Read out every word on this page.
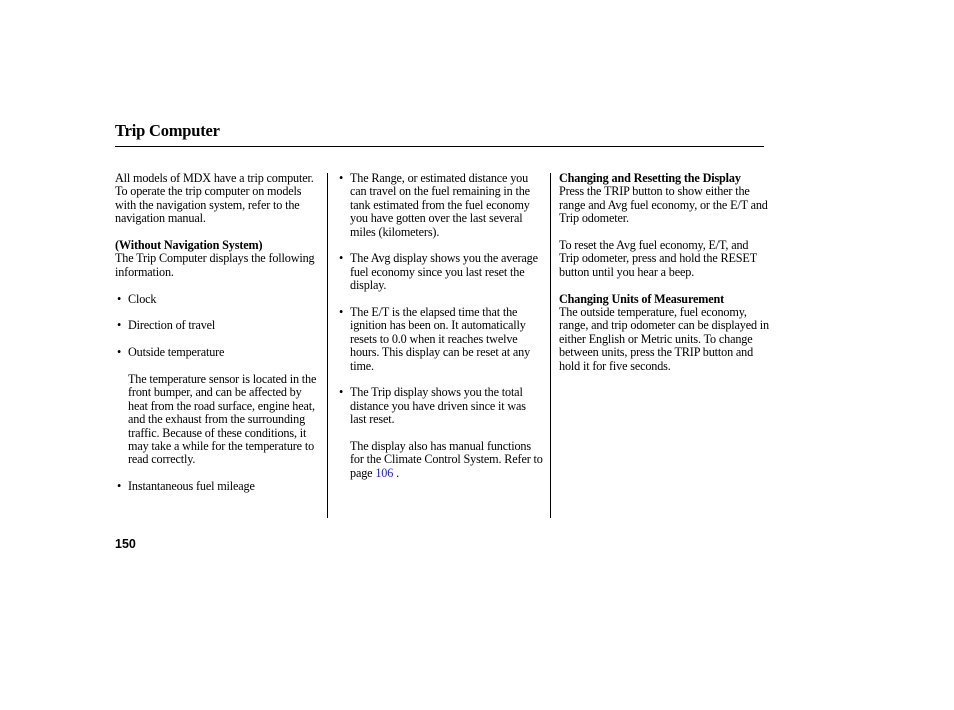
Trip Computer

All models of MDX have a trip computer. To operate the trip computer on models with the navigation system, refer to the navigation manual.

(Without Navigation System)

The Trip Computer displays the following information.

• Clock
• Direction of travel
• Outside temperature

The temperature sensor is located in the front bumper, and can be affected by heat from the road surface, engine heat, and the exhaust from the surrounding traffic. Because of these conditions, it may take a while for the temperature to read correctly.

• Instantaneous fuel mileage
• The Range, or estimated distance you can travel on the fuel remaining in the tank estimated from the fuel economy you have gotten over the last several miles (kilometers).
• The Avg display shows you the average fuel economy since you last reset the display.
• The E/T is the elapsed time that the ignition has been on. It automatically resets to 0.0 when it reaches twelve hours. This display can be reset at any time.
• The Trip display shows you the total distance you have driven since it was last reset.

The display also has manual functions for the Climate Control System. Refer to page 106 .

Changing and Resetting the Display

Press the TRIP button to show either the range and Avg fuel economy, or the E/T and Trip odometer.

To reset the Avg fuel economy, E/T, and Trip odometer, press and hold the RESET button until you hear a beep.

Changing Units of Measurement

The outside temperature, fuel economy, range, and trip odometer can be displayed in either English or Metric units. To change between units, press the TRIP button and hold it for five seconds.

150
